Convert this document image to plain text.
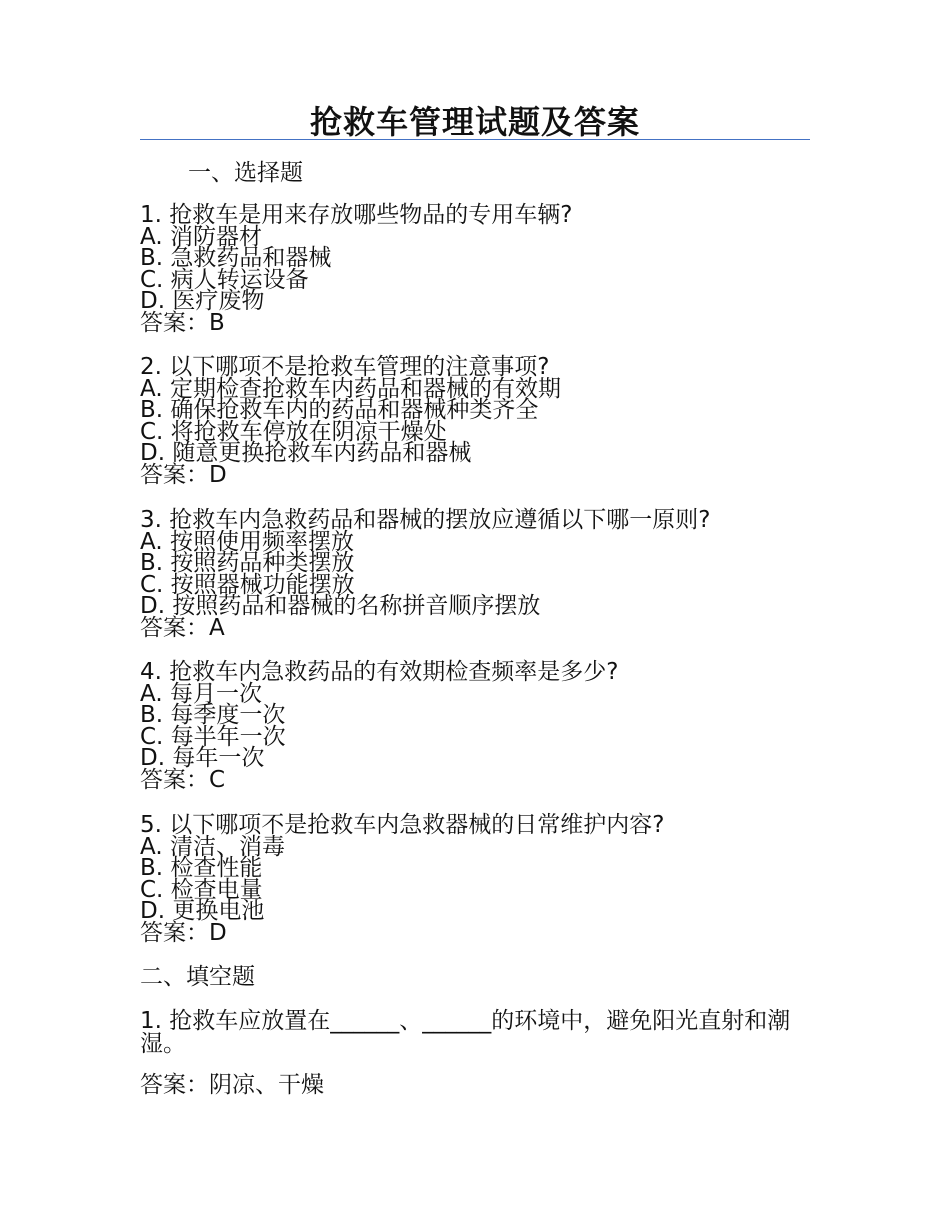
抢救车管理试题及答案
一、选择题
1. 抢救车是用来存放哪些物品的专用车辆?
A. 消防器材
B. 急救药品和器械
C. 病人转运设备
D. 医疗废物
答案：B
2. 以下哪项不是抢救车管理的注意事项?
A. 定期检查抢救车内药品和器械的有效期
B. 确保抢救车内的药品和器械种类齐全
C. 将抢救车停放在阴凉干燥处
D. 随意更换抢救车内药品和器械
答案：D
3. 抢救车内急救药品和器械的摆放应遵循以下哪一原则?
A. 按照使用频率摆放
B. 按照药品种类摆放
C. 按照器械功能摆放
D. 按照药品和器械的名称拼音顺序摆放
答案：A
4. 抢救车内急救药品的有效期检查频率是多少?
A. 每月一次
B. 每季度一次
C. 每半年一次
D. 每年一次
答案：C
5. 以下哪项不是抢救车内急救器械的日常维护内容?
A. 清洁、消毒
B. 检查性能
C. 检查电量
D. 更换电池
答案：D
二、填空题
1. 抢救车应放置在______、______的环境中，避免阳光直射和潮湿。
答案：阴凉、干燥
